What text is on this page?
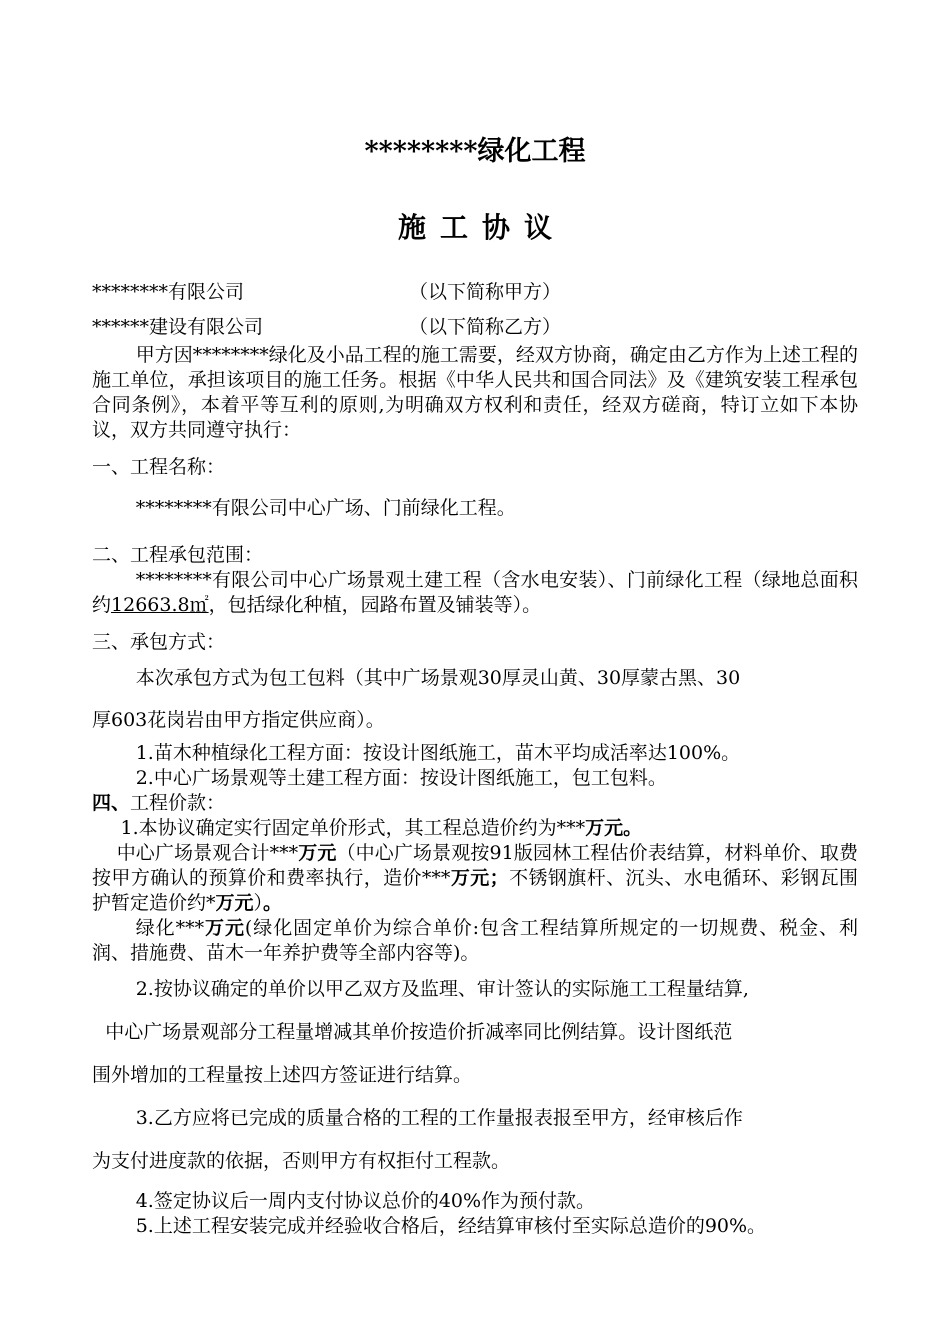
********绿化工程
施工协议
********有限公司	（以下简称甲方）
******建设有限公司	（以下简称乙方）

甲方因********绿化及小品工程的施工需要，经双方协商，确定由乙方作为上述工程的施工单位，承担该项目的施工任务。根据《中华人民共和国合同法》及《建筑安装工程承包合同条例》，本着平等互利的原则,为明确双方权利和责任，经双方磋商，特订立如下本协议，双方共同遵守执行：

一、工程名称：

********有限公司中心广场、门前绿化工程。

二、工程承包范围：

********有限公司中心广场景观土建工程（含水电安装）、门前绿化工程（绿地总面积约12663.8㎡，包括绿化种植，园路布置及铺装等）。

三、承包方式：

本次承包方式为包工包料（其中广场景观30厚灵山黄、30厚蒙古黑、30

厚603花岗岩由甲方指定供应商）。

1.苗木种植绿化工程方面：按设计图纸施工，苗木平均成活率达100%。

2.中心广场景观等土建工程方面：按设计图纸施工，包工包料。

四、工程价款：

1.本协议确定实行固定单价形式，其工程总造价约为***万元。

中心广场景观合计***万元（中心广场景观按91版园林工程估价表结算，材料单价、取费按甲方确认的预算价和费率执行，造价***万元；不锈钢旗杆、沉头、水电循环、彩钢瓦围护暂定造价约*万元）。

绿化***万元(绿化固定单价为综合单价:包含工程结算所规定的一切规费、税金、利润、措施费、苗木一年养护费等全部内容等)。

2.按协议确定的单价以甲乙双方及监理、审计签认的实际施工工程量结算,

中心广场景观部分工程量增减其单价按造价折减率同比例结算。设计图纸范

围外增加的工程量按上述四方签证进行结算。

3.乙方应将已完成的质量合格的工程的工作量报表报至甲方，经审核后作

为支付进度款的依据，否则甲方有权拒付工程款。

4.签定协议后一周内支付协议总价的40%作为预付款。

5.上述工程安装完成并经验收合格后，经结算审核付至实际总造价的90%。
